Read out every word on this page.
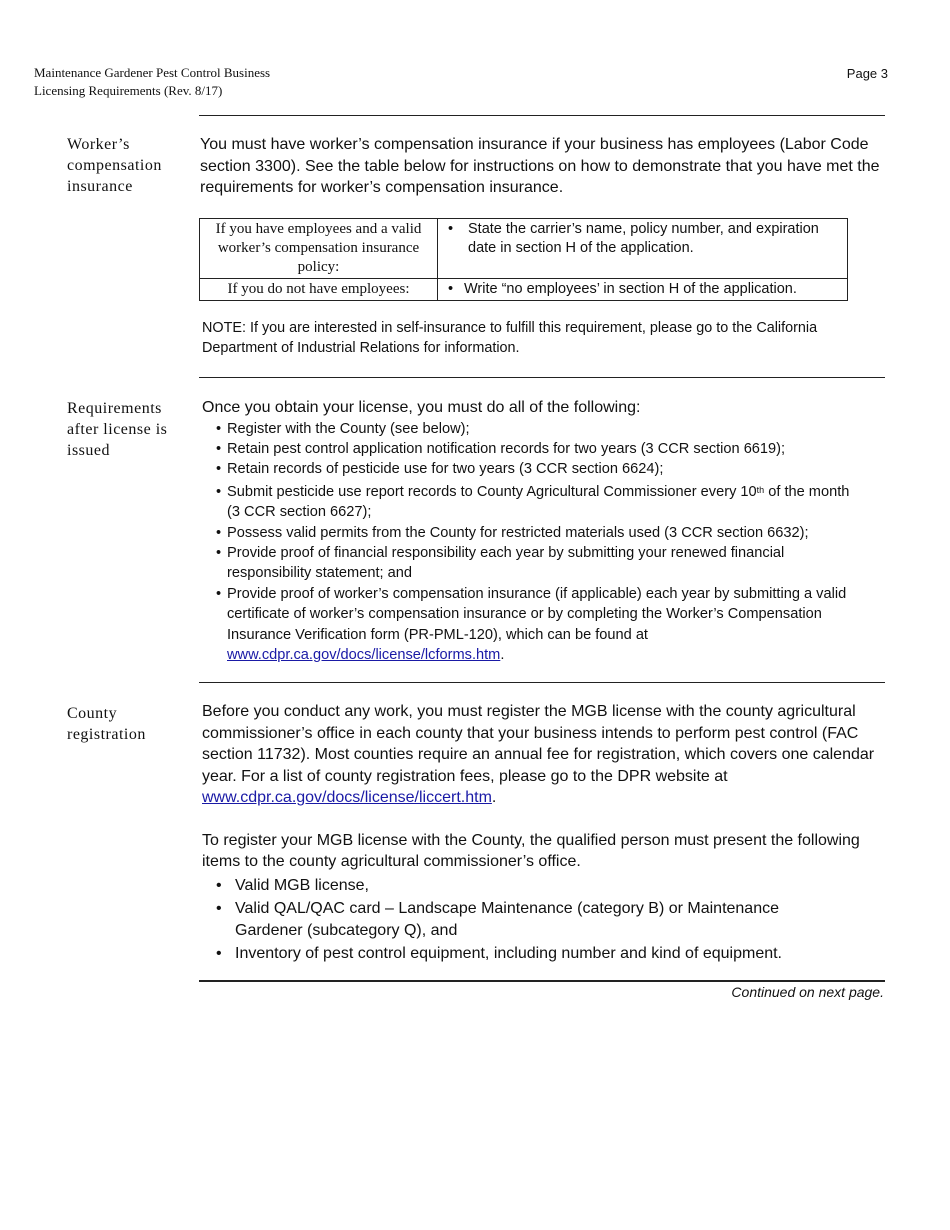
Maintenance Gardener Pest Control Business
Licensing Requirements (Rev. 8/17)
Page 3
Worker’s compensation insurance
You must have worker’s compensation insurance if your business has employees (Labor Code section 3300). See the table below for instructions on how to demonstrate that you have met the requirements for worker’s compensation insurance.
If you have employees and a valid worker’s compensation insurance policy:	• State the carrier’s name, policy number, and expiration date in section H of the application.

If you do not have employees:	• Write “no employees’ in section H of the application.
NOTE: If you are interested in self-insurance to fulfill this requirement, please go to the California Department of Industrial Relations for information.
Requirements after license is issued
Once you obtain your license, you must do all of the following:
• Register with the County (see below);
• Retain pest control application notification records for two years (3 CCR section 6619);
• Retain records of pesticide use for two years (3 CCR section 6624);
• Submit pesticide use report records to County Agricultural Commissioner every 10th of the month (3 CCR section 6627);
• Possess valid permits from the County for restricted materials used (3 CCR section 6632);
• Provide proof of financial responsibility each year by submitting your renewed financial responsibility statement; and
• Provide proof of worker’s compensation insurance (if applicable) each year by submitting a valid certificate of worker’s compensation insurance or by completing the Worker’s Compensation Insurance Verification form (PR-PML-120), which can be found at www.cdpr.ca.gov/docs/license/lcforms.htm.
County registration
Before you conduct any work, you must register the MGB license with the county agricultural commissioner’s office in each county that your business intends to perform pest control (FAC section 11732). Most counties require an annual fee for registration, which covers one calendar year. For a list of county registration fees, please go to the DPR website at www.cdpr.ca.gov/docs/license/liccert.htm.
To register your MGB license with the County, the qualified person must present the following items to the county agricultural commissioner’s office.
• Valid MGB license,
• Valid QAL/QAC card – Landscape Maintenance (category B) or Maintenance Gardener (subcategory Q), and
• Inventory of pest control equipment, including number and kind of equipment.
Continued on next page.
